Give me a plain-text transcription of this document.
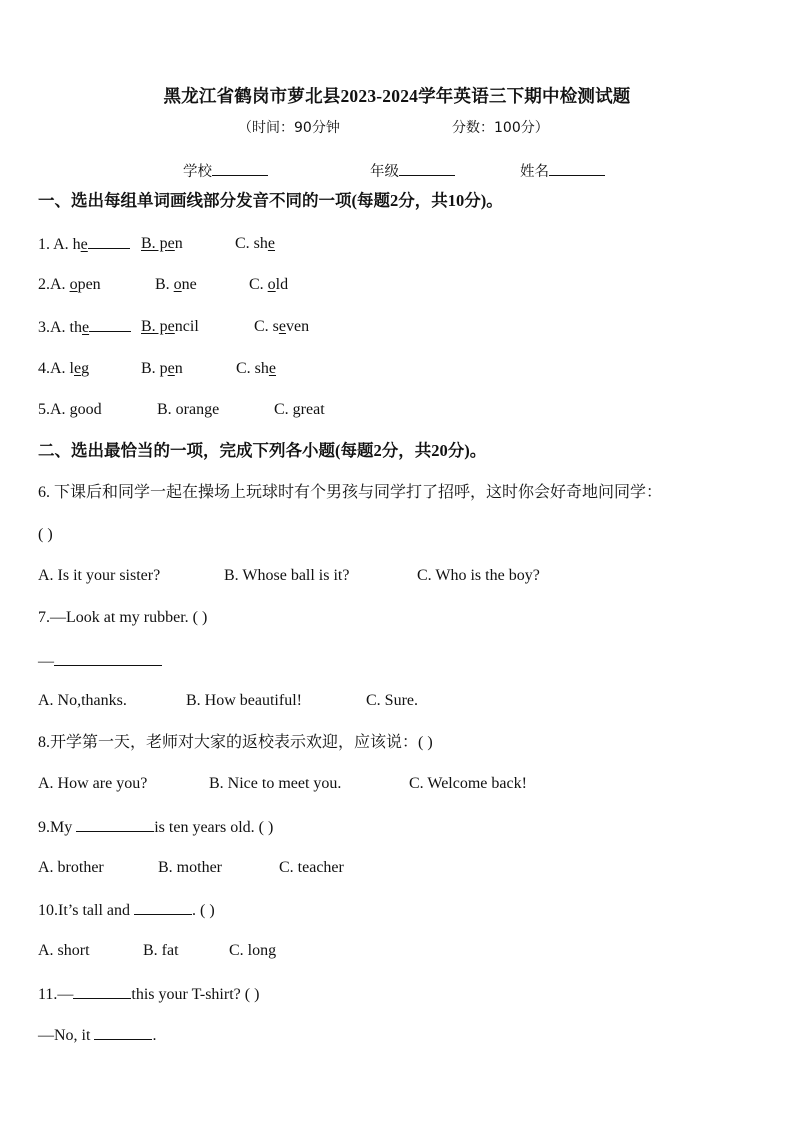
黑龙江省鹤岗市萝北县2023-2024学年英语三下期中检测试题
（时间：90分钟	分数：100分）
学校	年级	姓名
一、选出每组单词画线部分发音不同的一项(每题2分，共10分)。
1. A. he	B. pen	C. she
2.A. open	B. one	C. old
3.A. the	B. pencil	C. seven
4.A. leg	B. pen	C. she
5.A. good	B. orange	C. great
二、选出最恰当的一项，完成下列各小题(每题2分，共20分)。
6. 下课后和同学一起在操场上玩球时有个男孩与同学打了招呼，这时你会好奇地问同学：
( )
A. Is it your sister?	B. Whose ball is it?	C. Who is the boy?
7.—Look at my rubber. ( )
—
A. No,thanks.	B. How beautiful!	C. Sure.
8.开学第一天，老师对大家的返校表示欢迎，应该说：( )
A. How are you?	B. Nice to meet you.	C. Welcome back!
9.My	is ten years old. ( )
A. brother	B. mother	C. teacher
10.It’s tall and	. ( )
A. short	B. fat	C. long
11.—	this your T-shirt? ( )
—No, it	.
